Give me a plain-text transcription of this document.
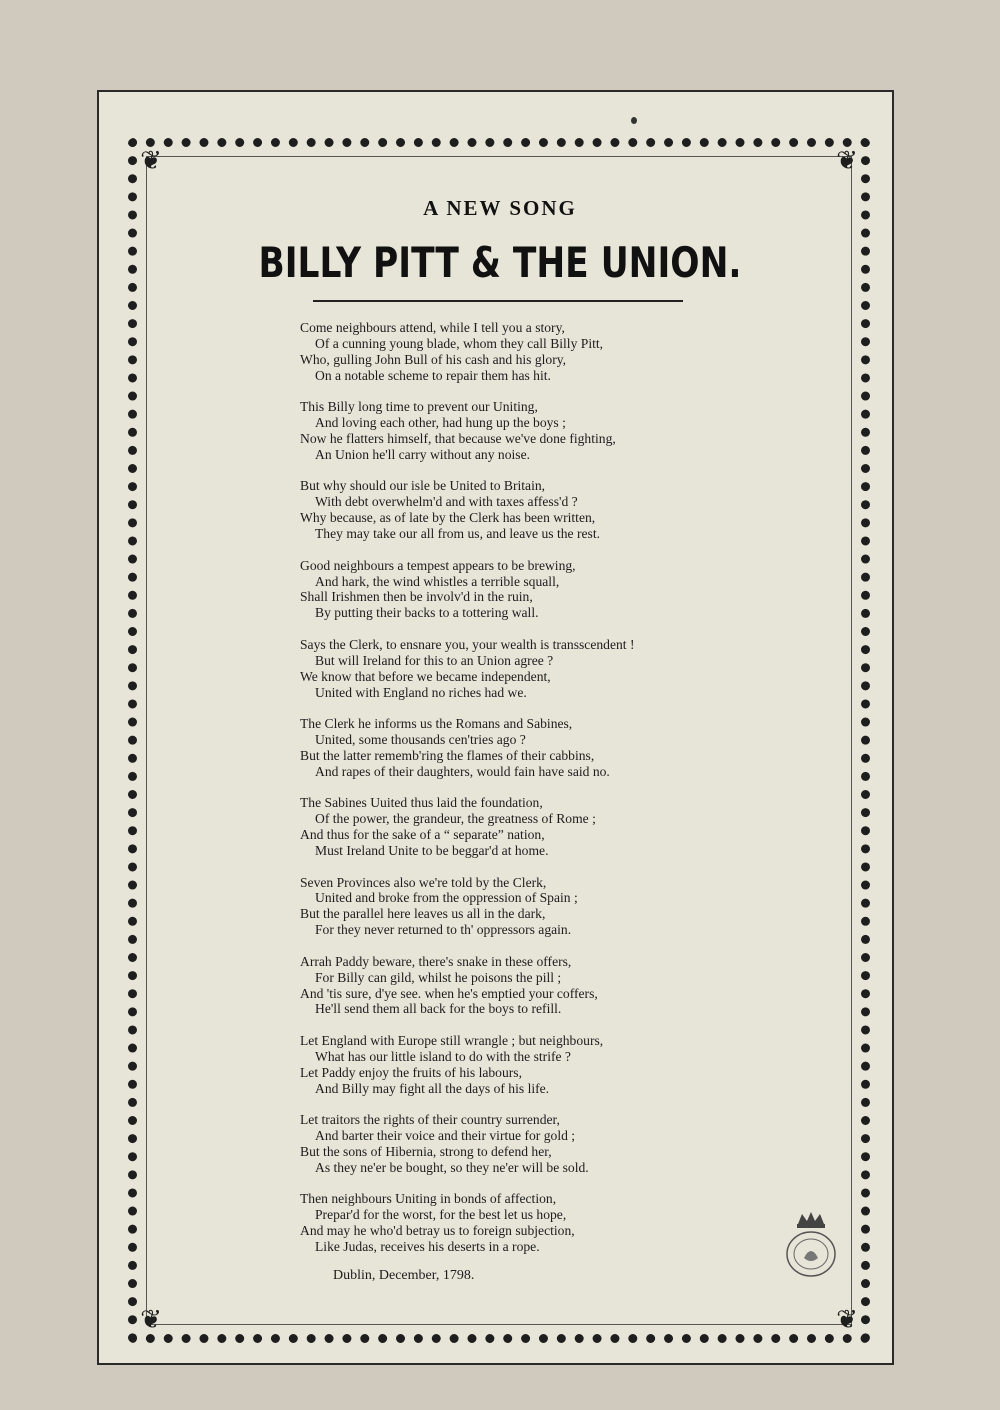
❦	❦
❦	❦
A NEW SONG
BILLY PITT & THE UNION.
Come neighbours attend, while I tell you a story,
Of a cunning young blade, whom they call Billy Pitt,
Who, gulling John Bull of his cash and his glory,
On a notable scheme to repair them has hit.
This Billy long time to prevent our Uniting,
And loving each other, had hung up the boys ;
Now he flatters himself, that because we've done fighting,
An Union he'll carry without any noise.
But why should our isle be United to Britain,
With debt overwhelm'd and with taxes affess'd ?
Why because, as of late by the Clerk has been written,
They may take our all from us, and leave us the rest.
Good neighbours a tempest appears to be brewing,
And hark, the wind whistles a terrible squall,
Shall Irishmen then be involv'd in the ruin,
By putting their backs to a tottering wall.
Says the Clerk, to ensnare you, your wealth is transscendent !
But will Ireland for this to an Union agree ?
We know that before we became independent,
United with England no riches had we.
The Clerk he informs us the Romans and Sabines,
United, some thousands cen'tries ago ?
But the latter rememb'ring the flames of their cabbins,
And rapes of their daughters, would fain have said no.
The Sabines Uuited thus laid the foundation,
Of the power, the grandeur, the greatness of Rome ;
And thus for the sake of a “ separate” nation,
Must Ireland Unite to be beggar'd at home.
Seven Provinces also we're told by the Clerk,
United and broke from the oppression of Spain ;
But the parallel here leaves us all in the dark,
For they never returned to th' oppressors again.
Arrah Paddy beware, there's snake in these offers,
For Billy can gild, whilst he poisons the pill ;
And 'tis sure, d'ye see. when he's emptied your coffers,
He'll send them all back for the boys to refill.
Let England with Europe still wrangle ; but neighbours,
What has our little island to do with the strife ?
Let Paddy enjoy the fruits of his labours,
And Billy may fight all the days of his life.
Let traitors the rights of their country surrender,
And barter their voice and their virtue for gold ;
But the sons of Hibernia, strong to defend her,
As they ne'er be bought, so they ne'er will be sold.
Then neighbours Uniting in bonds of affection,
Prepar'd for the worst, for the best let us hope,
And may he who'd betray us to foreign subjection,
Like Judas, receives his deserts in a rope.
Dublin, December, 1798.
